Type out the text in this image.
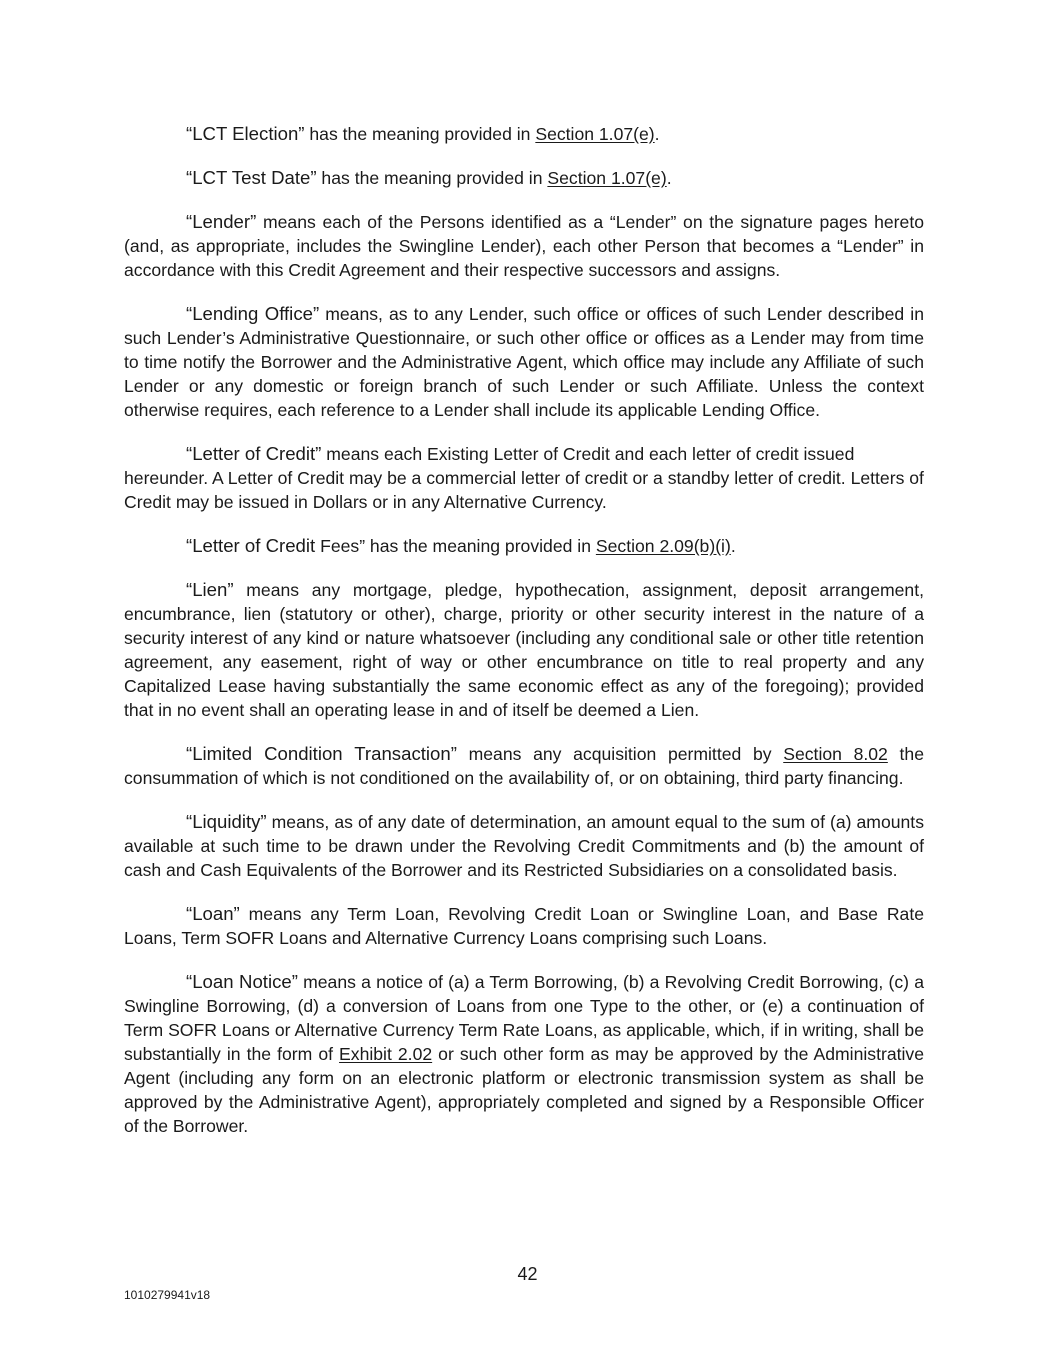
“LCT Election” has the meaning provided in Section 1.07(e).

“LCT Test Date” has the meaning provided in Section 1.07(e).

“Lender” means each of the Persons identified as a “Lender” on the signature pages hereto (and, as appropriate, includes the Swingline Lender), each other Person that becomes a “Lender” in accordance with this Credit Agreement and their respective successors and assigns.

“Lending Office” means, as to any Lender, such office or offices of such Lender described in such Lender’s Administrative Questionnaire, or such other office or offices as a Lender may from time to time notify the Borrower and the Administrative Agent, which office may include any Affiliate of such Lender or any domestic or foreign branch of such Lender or such Affiliate. Unless the context otherwise requires, each reference to a Lender shall include its applicable Lending Office.

“Letter of Credit” means each Existing Letter of Credit and each letter of credit issued hereunder. A Letter of Credit may be a commercial letter of credit or a standby letter of credit. Letters of Credit may be issued in Dollars or in any Alternative Currency.

“Letter of Credit Fees” has the meaning provided in Section 2.09(b)(i).

“Lien” means any mortgage, pledge, hypothecation, assignment, deposit arrangement, encumbrance, lien (statutory or other), charge, priority or other security interest in the nature of a security interest of any kind or nature whatsoever (including any conditional sale or other title retention agreement, any easement, right of way or other encumbrance on title to real property and any Capitalized Lease having substantially the same economic effect as any of the foregoing); provided that in no event shall an operating lease in and of itself be deemed a Lien.

“Limited Condition Transaction” means any acquisition permitted by Section 8.02 the consummation of which is not conditioned on the availability of, or on obtaining, third party financing.

“Liquidity” means, as of any date of determination, an amount equal to the sum of (a) amounts available at such time to be drawn under the Revolving Credit Commitments and (b) the amount of cash and Cash Equivalents of the Borrower and its Restricted Subsidiaries on a consolidated basis.

“Loan” means any Term Loan, Revolving Credit Loan or Swingline Loan, and Base Rate Loans, Term SOFR Loans and Alternative Currency Loans comprising such Loans.

“Loan Notice” means a notice of (a) a Term Borrowing, (b) a Revolving Credit Borrowing, (c) a Swingline Borrowing, (d) a conversion of Loans from one Type to the other, or (e) a continuation of Term SOFR Loans or Alternative Currency Term Rate Loans, as applicable, which, if in writing, shall be substantially in the form of Exhibit 2.02 or such other form as may be approved by the Administrative Agent (including any form on an electronic platform or electronic transmission system as shall be approved by the Administrative Agent), appropriately completed and signed by a Responsible Officer of the Borrower.

42
1010279941v18
